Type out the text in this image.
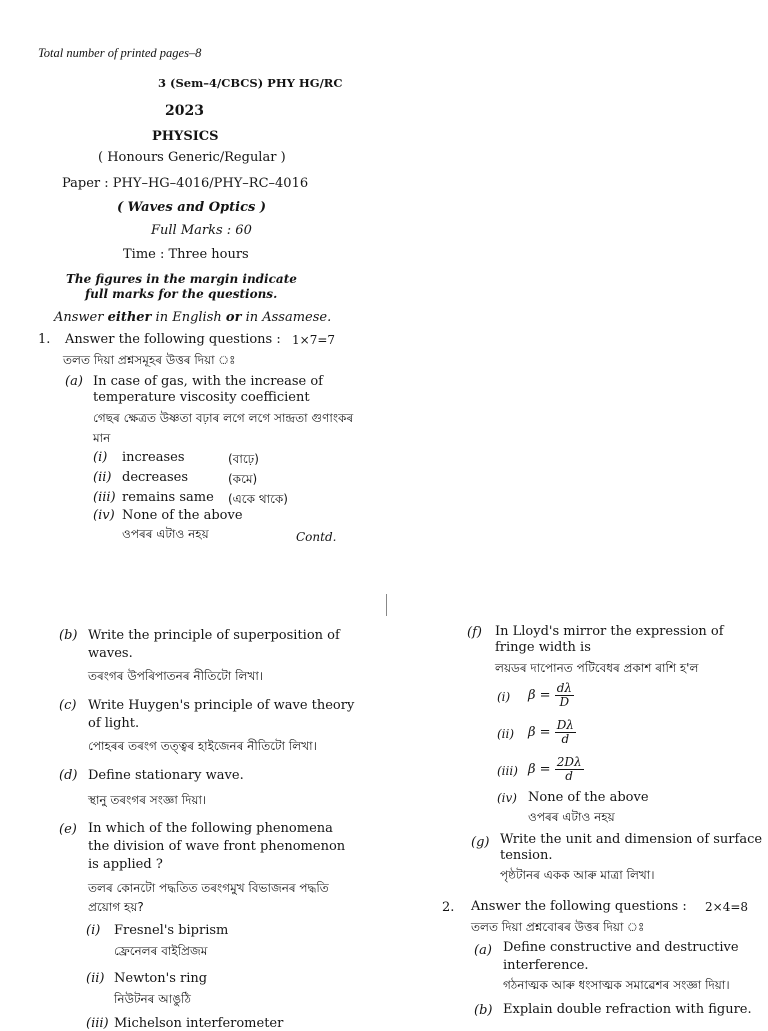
Total number of printed pages–8
3 (Sem–4/CBCS) PHY HG/RC
2023
PHYSICS
( Honours Generic/Regular )
Paper : PHY–HG–4016/PHY–RC–4016
( Waves and Optics )
Full Marks : 60
Time : Three hours
The figures in the margin indicate
full marks for the questions.
Answer either in English or in Assamese.
1. Answer the following questions : 1×7=7
তলত দিয়া প্ৰশ্নসমূহৰ উত্তৰ দিয়া ঃ
(a) In case of gas, with the increase of
temperature viscosity coefficient
গেছৰ ক্ষেত্ৰত উষ্ণতা বঢ়াৰ লগে লগে সান্দ্ৰতা গুণাংকৰ
মান
(i) increases	(বাঢ়ে)
(ii) decreases	(কমে)
(iii) remains same (একে থাকে)
(iv) None of the above
ওপৰৰ এটাও নহয়	Contd.
(b) Write the principle of superposition of
waves.
তৰংগৰ উপৰিপাতনৰ নীতিটো লিখা।
(c) Write Huygen's principle of wave theory
of light.
পোহৰৰ তৰংগ তত্ত্বৰ হাইজেনৰ নীতিটো লিখা।
(d) Define stationary wave.
স্থানু তৰংগৰ সংজ্ঞা দিয়া।
(e) In which of the following phenomena
the division of wave front phenomenon
is applied ?
তলৰ কোনটো পদ্ধতিত তৰংগমুখ বিভাজনৰ পদ্ধতি
প্ৰয়োগ হয়?
(i) Fresnel's biprism
ফ্ৰেনেলৰ বাইপ্ৰিজম
(ii) Newton's ring
নিউটনৰ আঙুঠি
(iii) Michelson interferometer
(f) In Lloyd's mirror the expression of
fringe width is
লয়ডৰ দাপোনত পটিবেধৰ প্ৰকাশ ৰাশি হ'ল
(i) $\beta = \frac{d\lambda}{D}$
(ii) $\beta = \frac{D\lambda}{d}$
(iii) $\beta = \frac{2D\lambda}{d}$
(iv) None of the above
ওপৰৰ এটাও নহয়
(g) Write the unit and dimension of surface
tension.
পৃষ্ঠটানৰ একক আৰু মাত্ৰা লিখা।
2. Answer the following questions : 2×4=8
তলত দিয়া প্ৰশ্নবোৰৰ উত্তৰ দিয়া ঃ
(a) Define constructive and destructive
interference.
গঠনাত্মক আৰু ধংসাত্মক সমাৱেশৰ সংজ্ঞা দিয়া।
(b) Explain double refraction with figure.
